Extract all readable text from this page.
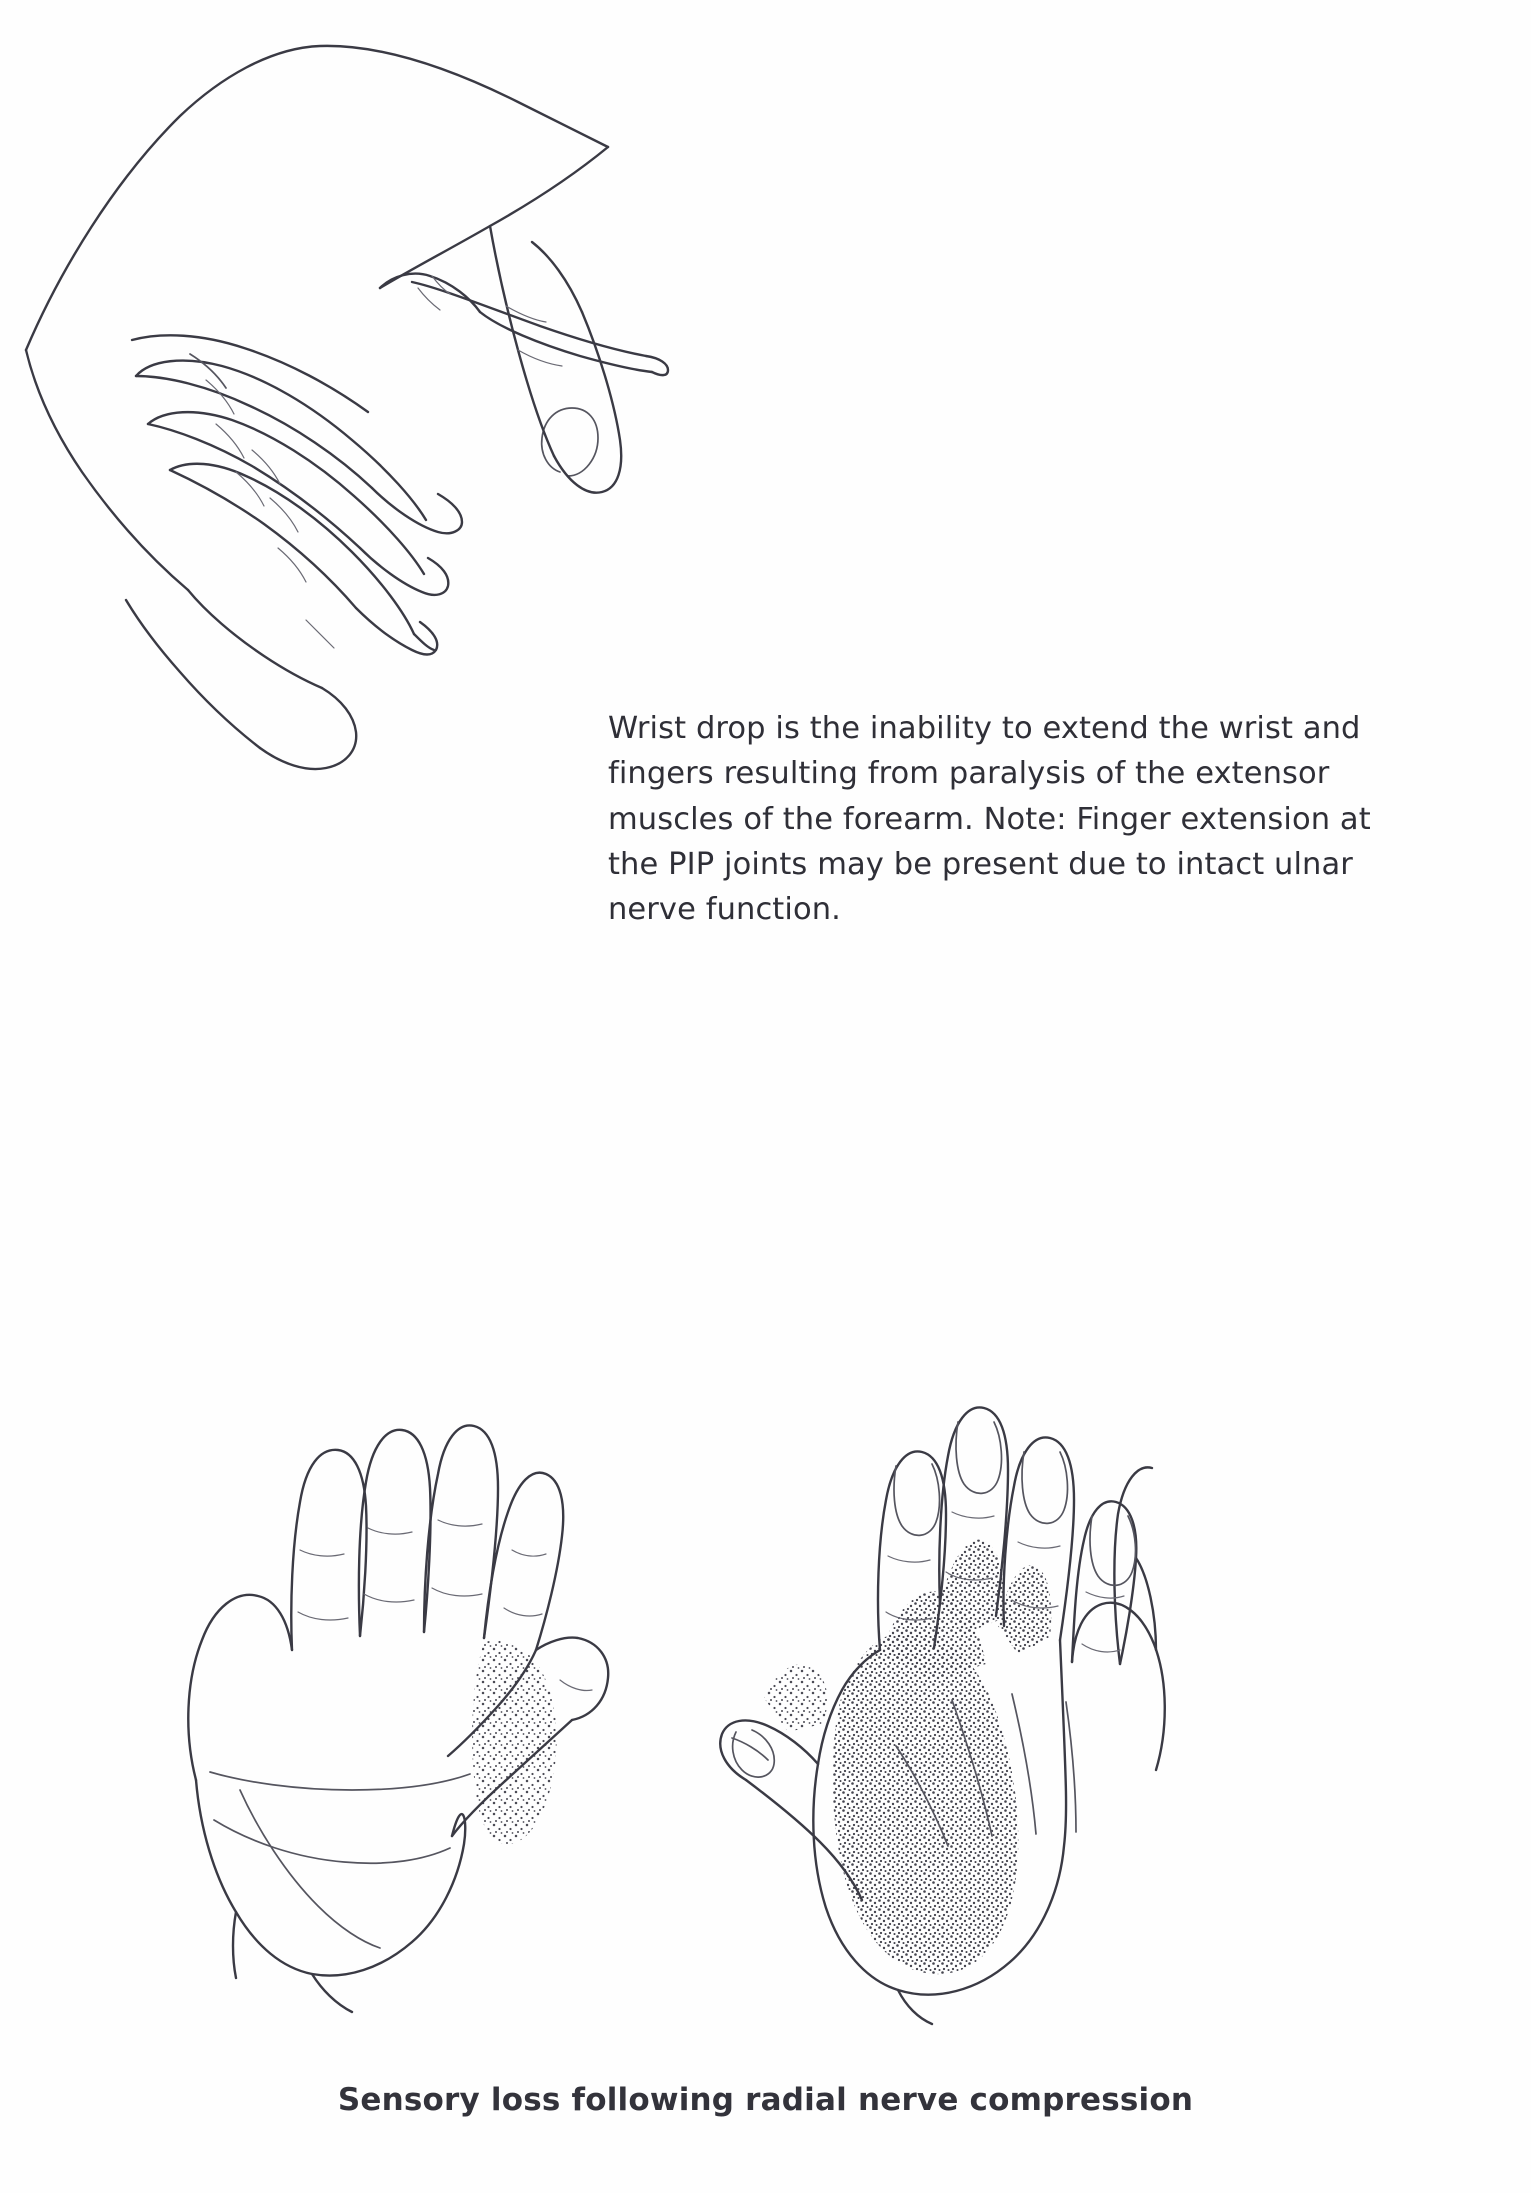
Wrist drop is the inability to extend the wrist and fingers resulting from paralysis of the extensor muscles of the forearm. Note: Finger extension at the PIP joints may be present due to intact ulnar nerve function.

Sensory loss following radial nerve compression
